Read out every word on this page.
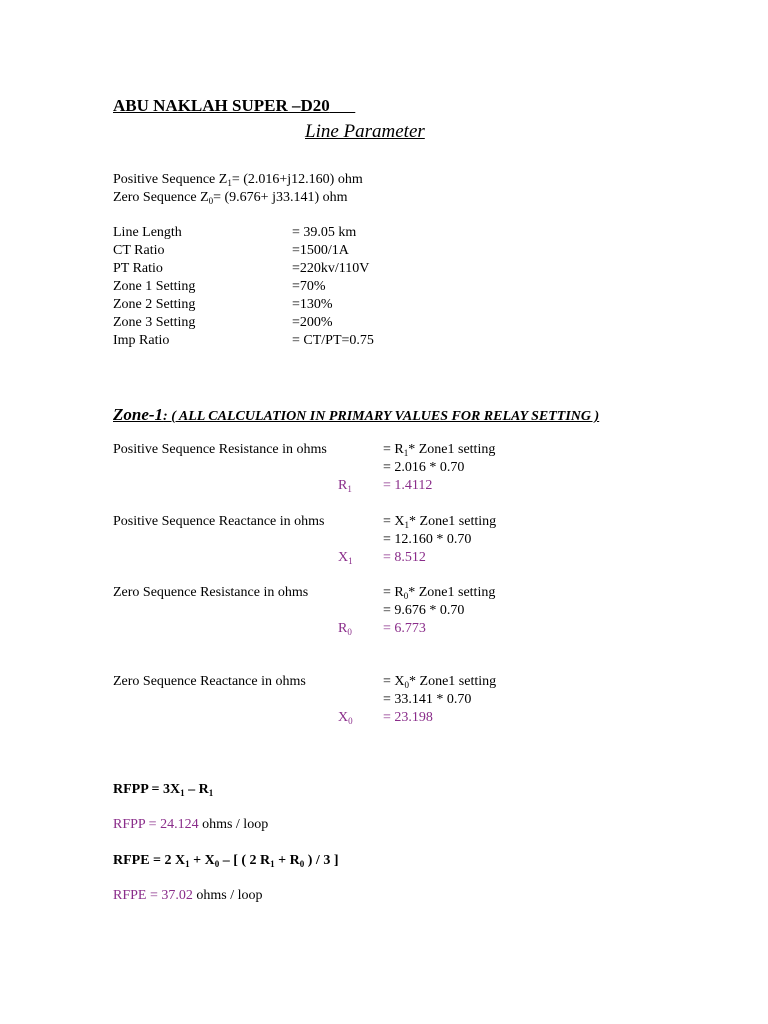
ABU NAKLAH SUPER –D20
Line Parameter
Positive Sequence $Z_1= (2.016+j12.160)$ ohm
Zero Sequence $Z_0= (9.676+ j33.141)$ ohm
Line Length	= 39.05 km
CT Ratio	=1500/1A
PT Ratio	=220kv/110V
Zone 1 Setting	=70%
Zone 2 Setting	=130%
Zone 3 Setting	=200%
Imp Ratio	= CT/PT=0.75
Zone-1: ( ALL CALCULATION IN PRIMARY VALUES FOR RELAY SETTING )
Positive Sequence Resistance in ohms	= $R_1*$ Zone1 setting
= 2.016 * 0.70
$R_1 = 1.4112$
Positive Sequence Reactance in ohms	= $X_1*$ Zone1 setting
= 12.160 * 0.70
$X_1 = 8.512$
Zero Sequence Resistance in ohms	= $R_0*$ Zone1 setting
= 9.676 * 0.70
$R_0 = 6.773$
Zero Sequence Reactance in ohms	= $X_0*$ Zone1 setting
= 33.141 * 0.70
$X_0 = 23.198$
RFPP = $3X_1 - R_1$
RFPP = 24.124 ohms / loop
RFPE = 2 $X_1 + X_0$ – [ ( 2 $R_1 + R_0$ ) / 3 ]
RFPE = 37.02 ohms / loop
